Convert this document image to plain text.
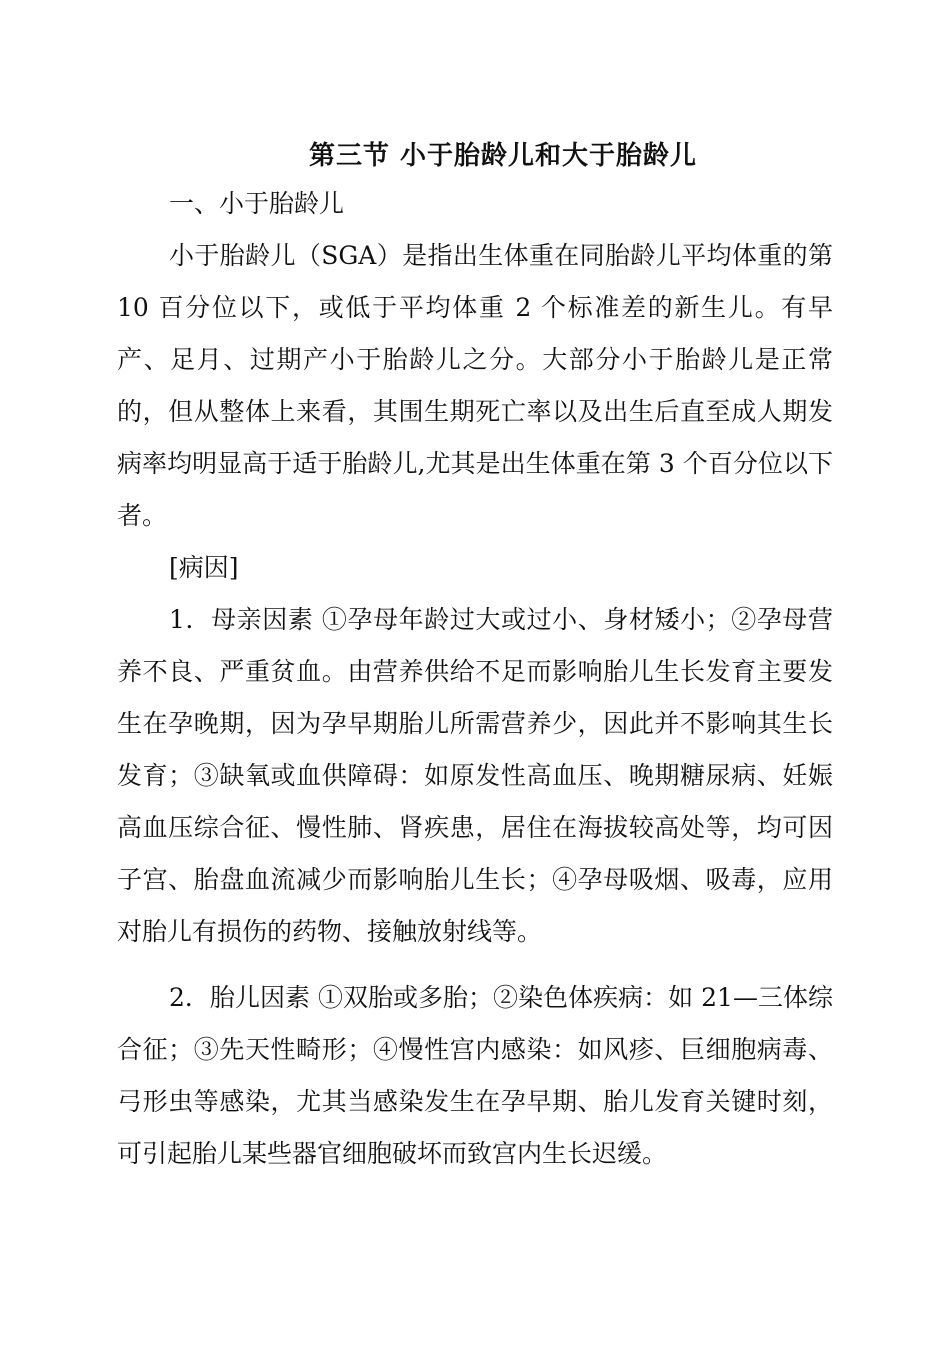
第三节 小于胎龄儿和大于胎龄儿

一、小于胎龄儿

小于胎龄儿（SGA）是指出生体重在同胎龄儿平均体重的第 10 百分位以下，或低于平均体重 2 个标准差的新生儿。有早产、足月、过期产小于胎龄儿之分。大部分小于胎龄儿是正常的，但从整体上来看，其围生期死亡率以及出生后直至成人期发病率均明显高于适于胎龄儿,尤其是出生体重在第 3 个百分位以下者。

[病因]

1．母亲因素 ①孕母年龄过大或过小、身材矮小；②孕母营养不良、严重贫血。由营养供给不足而影响胎儿生长发育主要发生在孕晚期，因为孕早期胎儿所需营养少，因此并不影响其生长发育；③缺氧或血供障碍：如原发性高血压、晚期糖尿病、妊娠高血压综合征、慢性肺、肾疾患，居住在海拔较高处等，均可因子宫、胎盘血流减少而影响胎儿生长；④孕母吸烟、吸毒，应用对胎儿有损伤的药物、接触放射线等。

2．胎儿因素 ①双胎或多胎；②染色体疾病：如 21—三体综合征；③先天性畸形；④慢性宫内感染：如风疹、巨细胞病毒、弓形虫等感染，尤其当感染发生在孕早期、胎儿发育关键时刻，可引起胎儿某些器官细胞破坏而致宫内生长迟缓。
